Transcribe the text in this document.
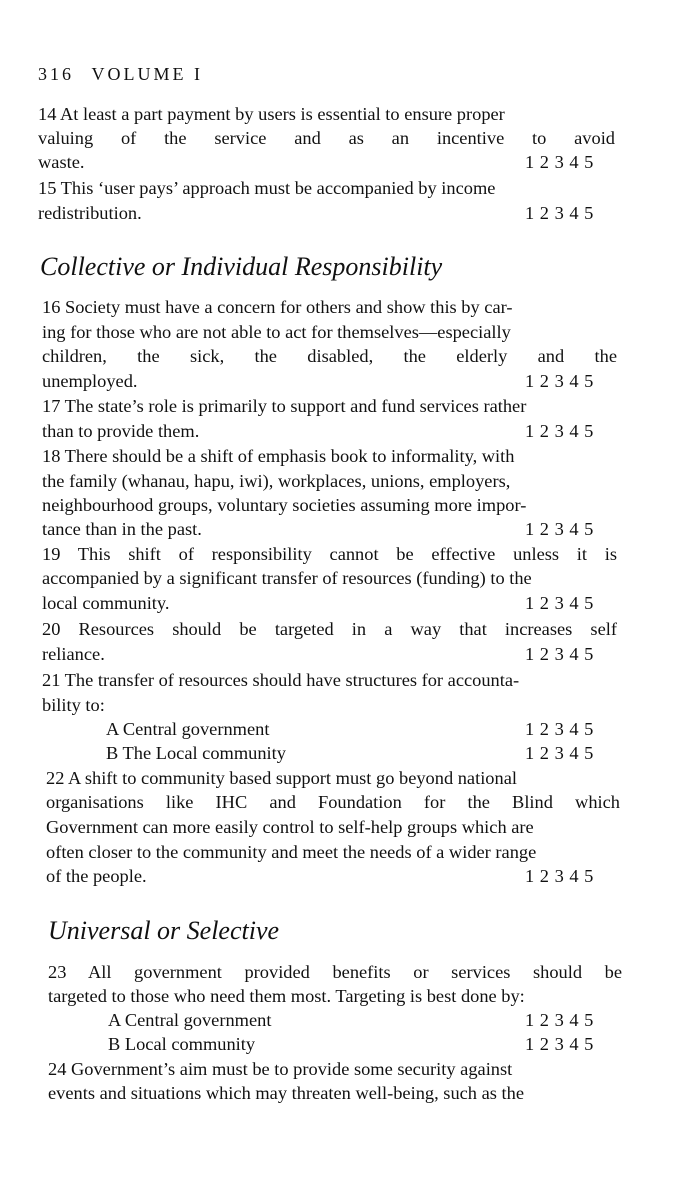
316 VOLUME I
14 At least a part payment by users is essential to ensure proper
valuing of the service and as an incentive to avoid
waste.	1 2 3 4 5
15 This ‘user pays’ approach must be accompanied by income
redistribution.	1 2 3 4 5
Collective or Individual Responsibility
16 Society must have a concern for others and show this by car-
ing for those who are not able to act for themselves—especially
children, the sick, the disabled, the elderly and the
unemployed.	1 2 3 4 5
17 The state’s role is primarily to support and fund services rather
than to provide them.	1 2 3 4 5
18 There should be a shift of emphasis book to informality, with
the family (whanau, hapu, iwi), workplaces, unions, employers,
neighbourhood groups, voluntary societies assuming more impor-
tance than in the past.	1 2 3 4 5
19 This shift of responsibility cannot be effective unless it is
accompanied by a significant transfer of resources (funding) to the
local community.	1 2 3 4 5
20 Resources should be targeted in a way that increases self
reliance.	1 2 3 4 5
21 The transfer of resources should have structures for accounta-
bility to:
A Central government	1 2 3 4 5
B The Local community	1 2 3 4 5
22 A shift to community based support must go beyond national
organisations like IHC and Foundation for the Blind which
Government can more easily control to self-help groups which are
often closer to the community and meet the needs of a wider range
of the people.	1 2 3 4 5
Universal or Selective
23 All government provided benefits or services should be
targeted to those who need them most. Targeting is best done by:
A Central government	1 2 3 4 5
B Local community	1 2 3 4 5
24 Government’s aim must be to provide some security against
events and situations which may threaten well-being, such as the
